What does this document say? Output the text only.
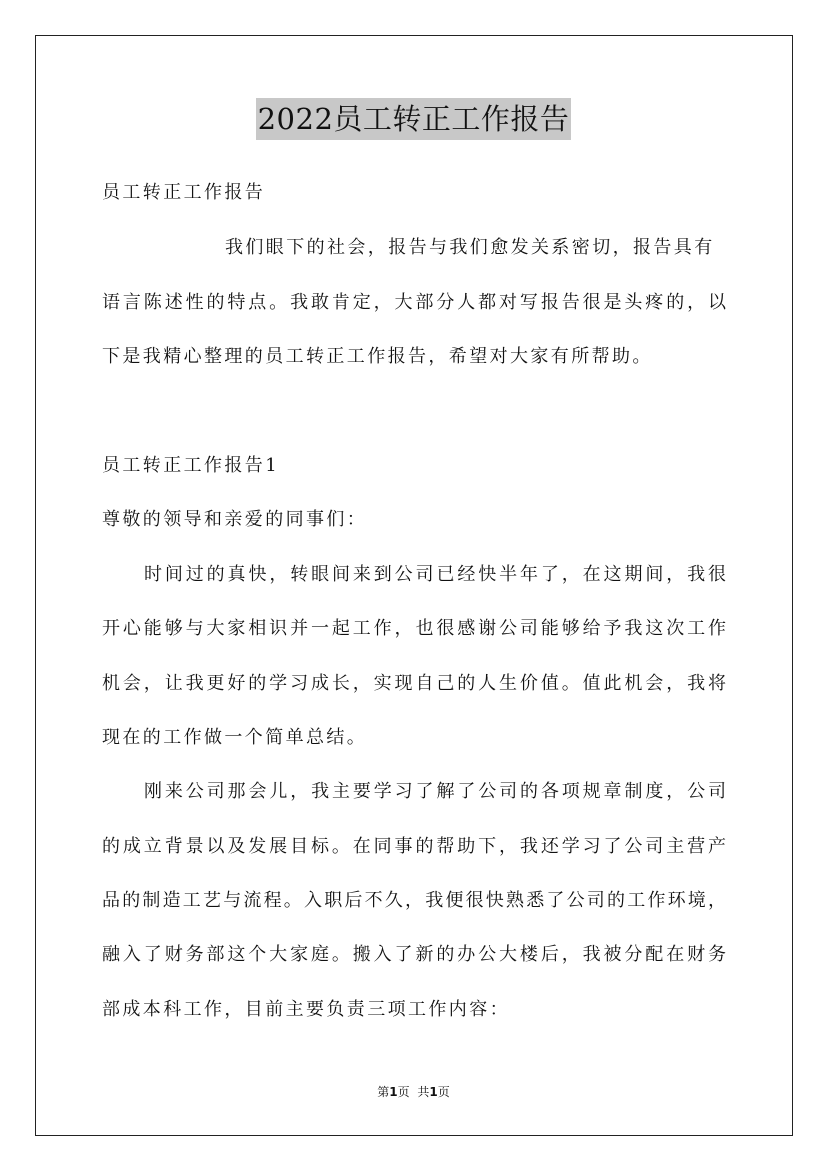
2022员工转正工作报告
员工转正工作报告
我们眼下的社会，报告与我们愈发关系密切，报告具有
语言陈述性的特点。我敢肯定，大部分人都对写报告很是头疼的，以
下是我精心整理的员工转正工作报告，希望对大家有所帮助。
员工转正工作报告1
尊敬的领导和亲爱的同事们：
时间过的真快，转眼间来到公司已经快半年了，在这期间，我很
开心能够与大家相识并一起工作，也很感谢公司能够给予我这次工作
机会，让我更好的学习成长，实现自己的人生价值。值此机会，我将
现在的工作做一个简单总结。
刚来公司那会儿，我主要学习了解了公司的各项规章制度，公司
的成立背景以及发展目标。在同事的帮助下，我还学习了公司主营产
品的制造工艺与流程。入职后不久，我便很快熟悉了公司的工作环境，
融入了财务部这个大家庭。搬入了新的办公大楼后，我被分配在财务
部成本科工作，目前主要负责三项工作内容：
第1页 共1页
